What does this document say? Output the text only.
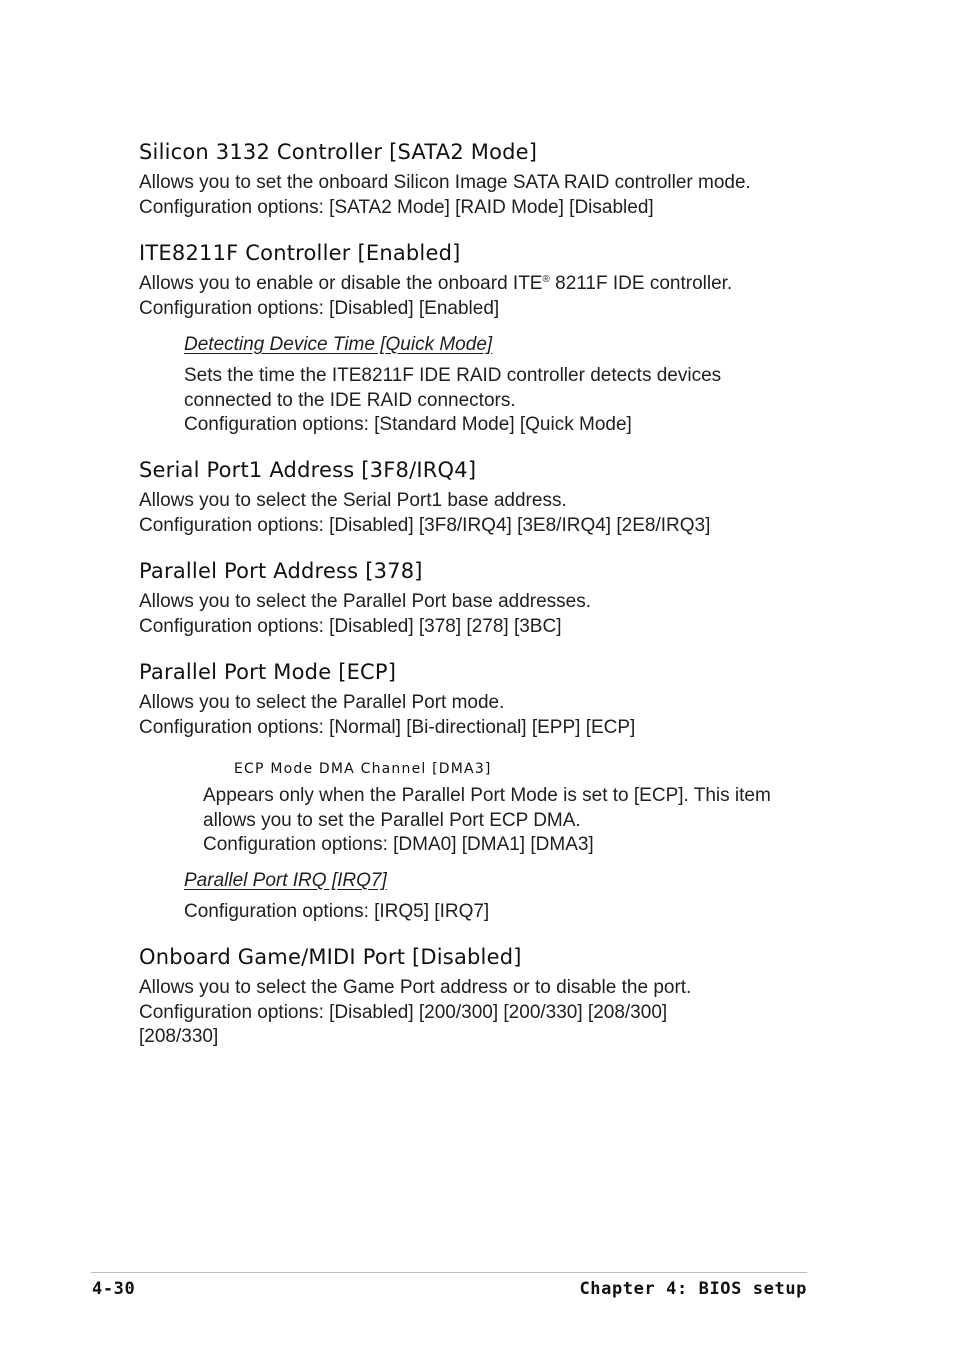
Silicon 3132 Controller [SATA2 Mode]
Allows you to set the onboard Silicon Image SATA RAID controller mode.
Configuration options: [SATA2 Mode] [RAID Mode] [Disabled]
ITE8211F Controller [Enabled]
Allows you to enable or disable the onboard ITE® 8211F IDE controller.
Configuration options: [Disabled] [Enabled]
Detecting Device Time [Quick Mode]
Sets the time the ITE8211F IDE RAID controller detects devices
connected to the IDE RAID connectors.
Configuration options: [Standard Mode] [Quick Mode]
Serial Port1 Address [3F8/IRQ4]
Allows you to select the Serial Port1 base address.
Configuration options: [Disabled] [3F8/IRQ4] [3E8/IRQ4] [2E8/IRQ3]
Parallel Port Address [378]
Allows you to select the Parallel Port base addresses.
Configuration options: [Disabled] [378] [278] [3BC]
Parallel Port Mode [ECP]
Allows you to select the Parallel Port mode.
Configuration options: [Normal] [Bi-directional] [EPP] [ECP]
ECP Mode DMA Channel [DMA3]
Appears only when the Parallel Port Mode is set to [ECP]. This item
allows you to set the Parallel Port ECP DMA.
Configuration options: [DMA0] [DMA1] [DMA3]
Parallel Port IRQ [IRQ7]
Configuration options: [IRQ5] [IRQ7]
Onboard Game/MIDI Port [Disabled]
Allows you to select the Game Port address or to disable the port.
Configuration options: [Disabled] [200/300] [200/330] [208/300]
[208/330]
4-30	Chapter 4: BIOS setup
